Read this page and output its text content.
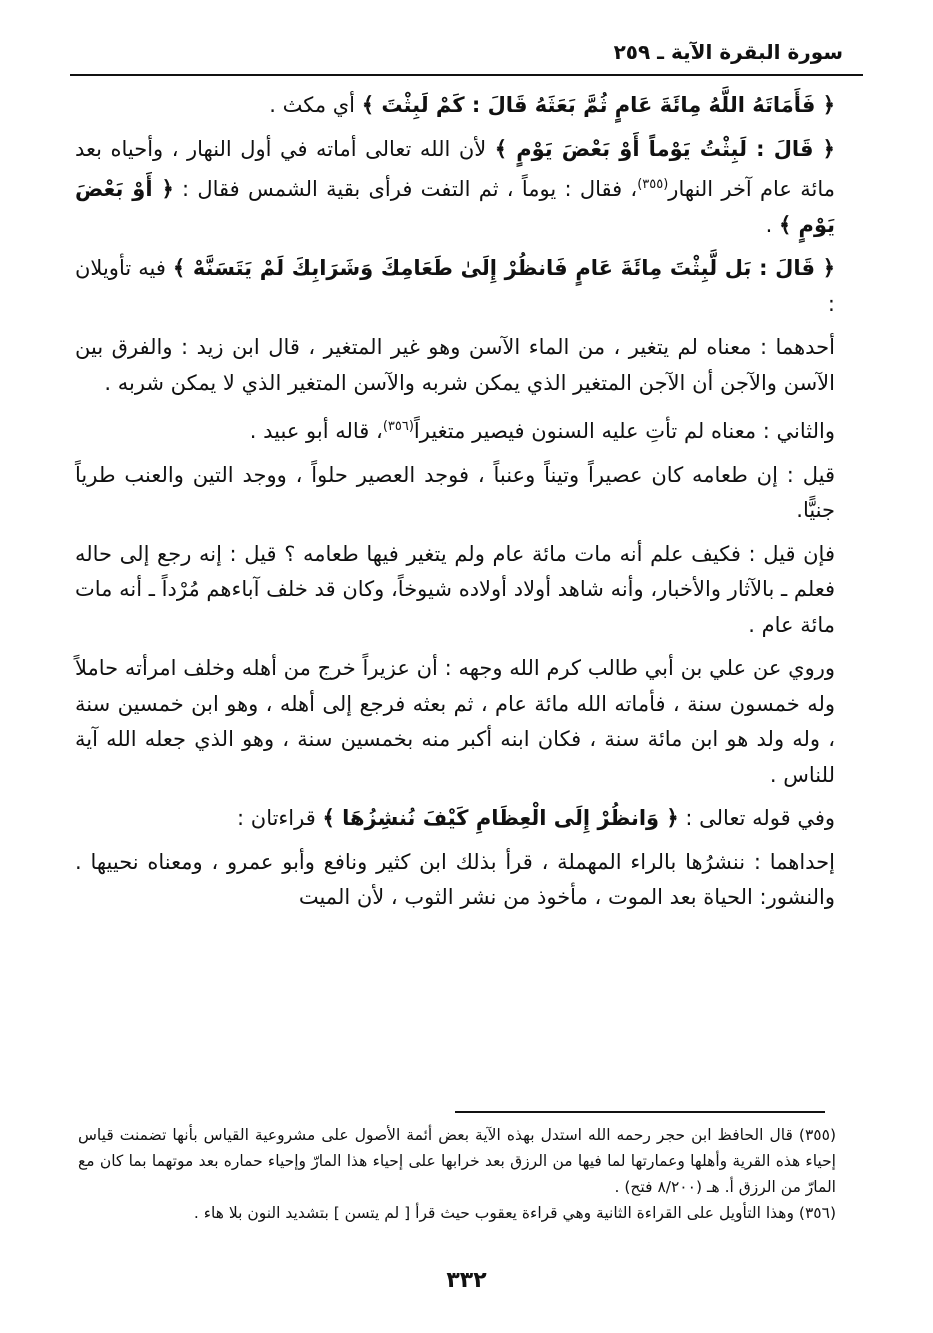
سورة البقرة الآية ـ ٢٥٩

﴿ فَأَمَاتَهُ اللَّهُ مِائَةَ عَامٍ ثُمَّ بَعَثَهُ قَالَ : كَمْ لَبِثْتَ ﴾ أي مكث .

﴿ قَالَ : لَبِثْتُ يَوْماً أَوْ بَعْضَ يَوْمٍ ﴾ لأن الله تعالى أماته في أول النهار ، وأحياه بعد مائة عام آخر النهار$^{(٣٥٥)}$، فقال : يوماً ، ثم التفت فرأى بقية الشمس فقال : ﴿ أَوْ بَعْضَ يَوْمٍ ﴾ .

﴿ قَالَ : بَل لَّبِثْتَ مِائَةَ عَامٍ فَانظُرْ إِلَىٰ طَعَامِكَ وَشَرَابِكَ لَمْ يَتَسَنَّهْ ﴾ فيه تأويلان :

أحدهما : معناه لم يتغير ، من الماء الآسن وهو غير المتغير ، قال ابن زيد : والفرق بين الآسن والآجن أن الآجن المتغير الذي يمكن شربه والآسن المتغير الذي لا يمكن شربه .

والثاني : معناه لم تأتِ عليه السنون فيصير متغيراً$^{(٣٥٦)}$، قاله أبو عبيد .

قيل : إن طعامه كان عصيراً وتيناً وعنباً ، فوجد العصير حلواً ، ووجد التين والعنب طرياً جنيًّا.

فإن قيل : فكيف علم أنه مات مائة عام ولم يتغير فيها طعامه ؟ قيل : إنه رجع إلى حاله فعلم ـ بالآثار والأخبار، وأنه شاهد أولاد أولاده شيوخاً، وكان قد خلف آباءهم مُرْداً ـ أنه مات مائة عام .

وروي عن علي بن أبي طالب كرم الله وجهه : أن عزيراً خرج من أهله وخلف امرأته حاملاً وله خمسون سنة ، فأماته الله مائة عام ، ثم بعثه فرجع إلى أهله ، وهو ابن خمسين سنة ، وله ولد هو ابن مائة سنة ، فكان ابنه أكبر منه بخمسين سنة ، وهو الذي جعله الله آية للناس .

وفي قوله تعالى : ﴿ وَانظُرْ إِلَى الْعِظَامِ كَيْفَ نُنشِزُهَا ﴾ قراءتان :

إحداهما : ننشرُها بالراء المهملة ، قرأ بذلك ابن كثير ونافع وأبو عمرو ، ومعناه نحييها . والنشور: الحياة بعد الموت ، مأخوذ من نشر الثوب ، لأن الميت

(٣٥٥) قال الحافظ ابن حجر رحمه الله استدل بهذه الآية بعض أئمة الأصول على مشروعية القياس بأنها تضمنت قياس إحياء هذه القرية وأهلها وعمارتها لما فيها من الرزق بعد خرابها على إحياء هذا المارّ وإحياء حماره بعد موتهما بما كان مع المارّ من الرزق أ. هـ (٨/٢٠٠ فتح) .

(٣٥٦) وهذا التأويل على القراءة الثانية وهي قراءة يعقوب حيث قرأ [ لم يتسن ] بتشديد النون بلا هاء .

٣٣٢
